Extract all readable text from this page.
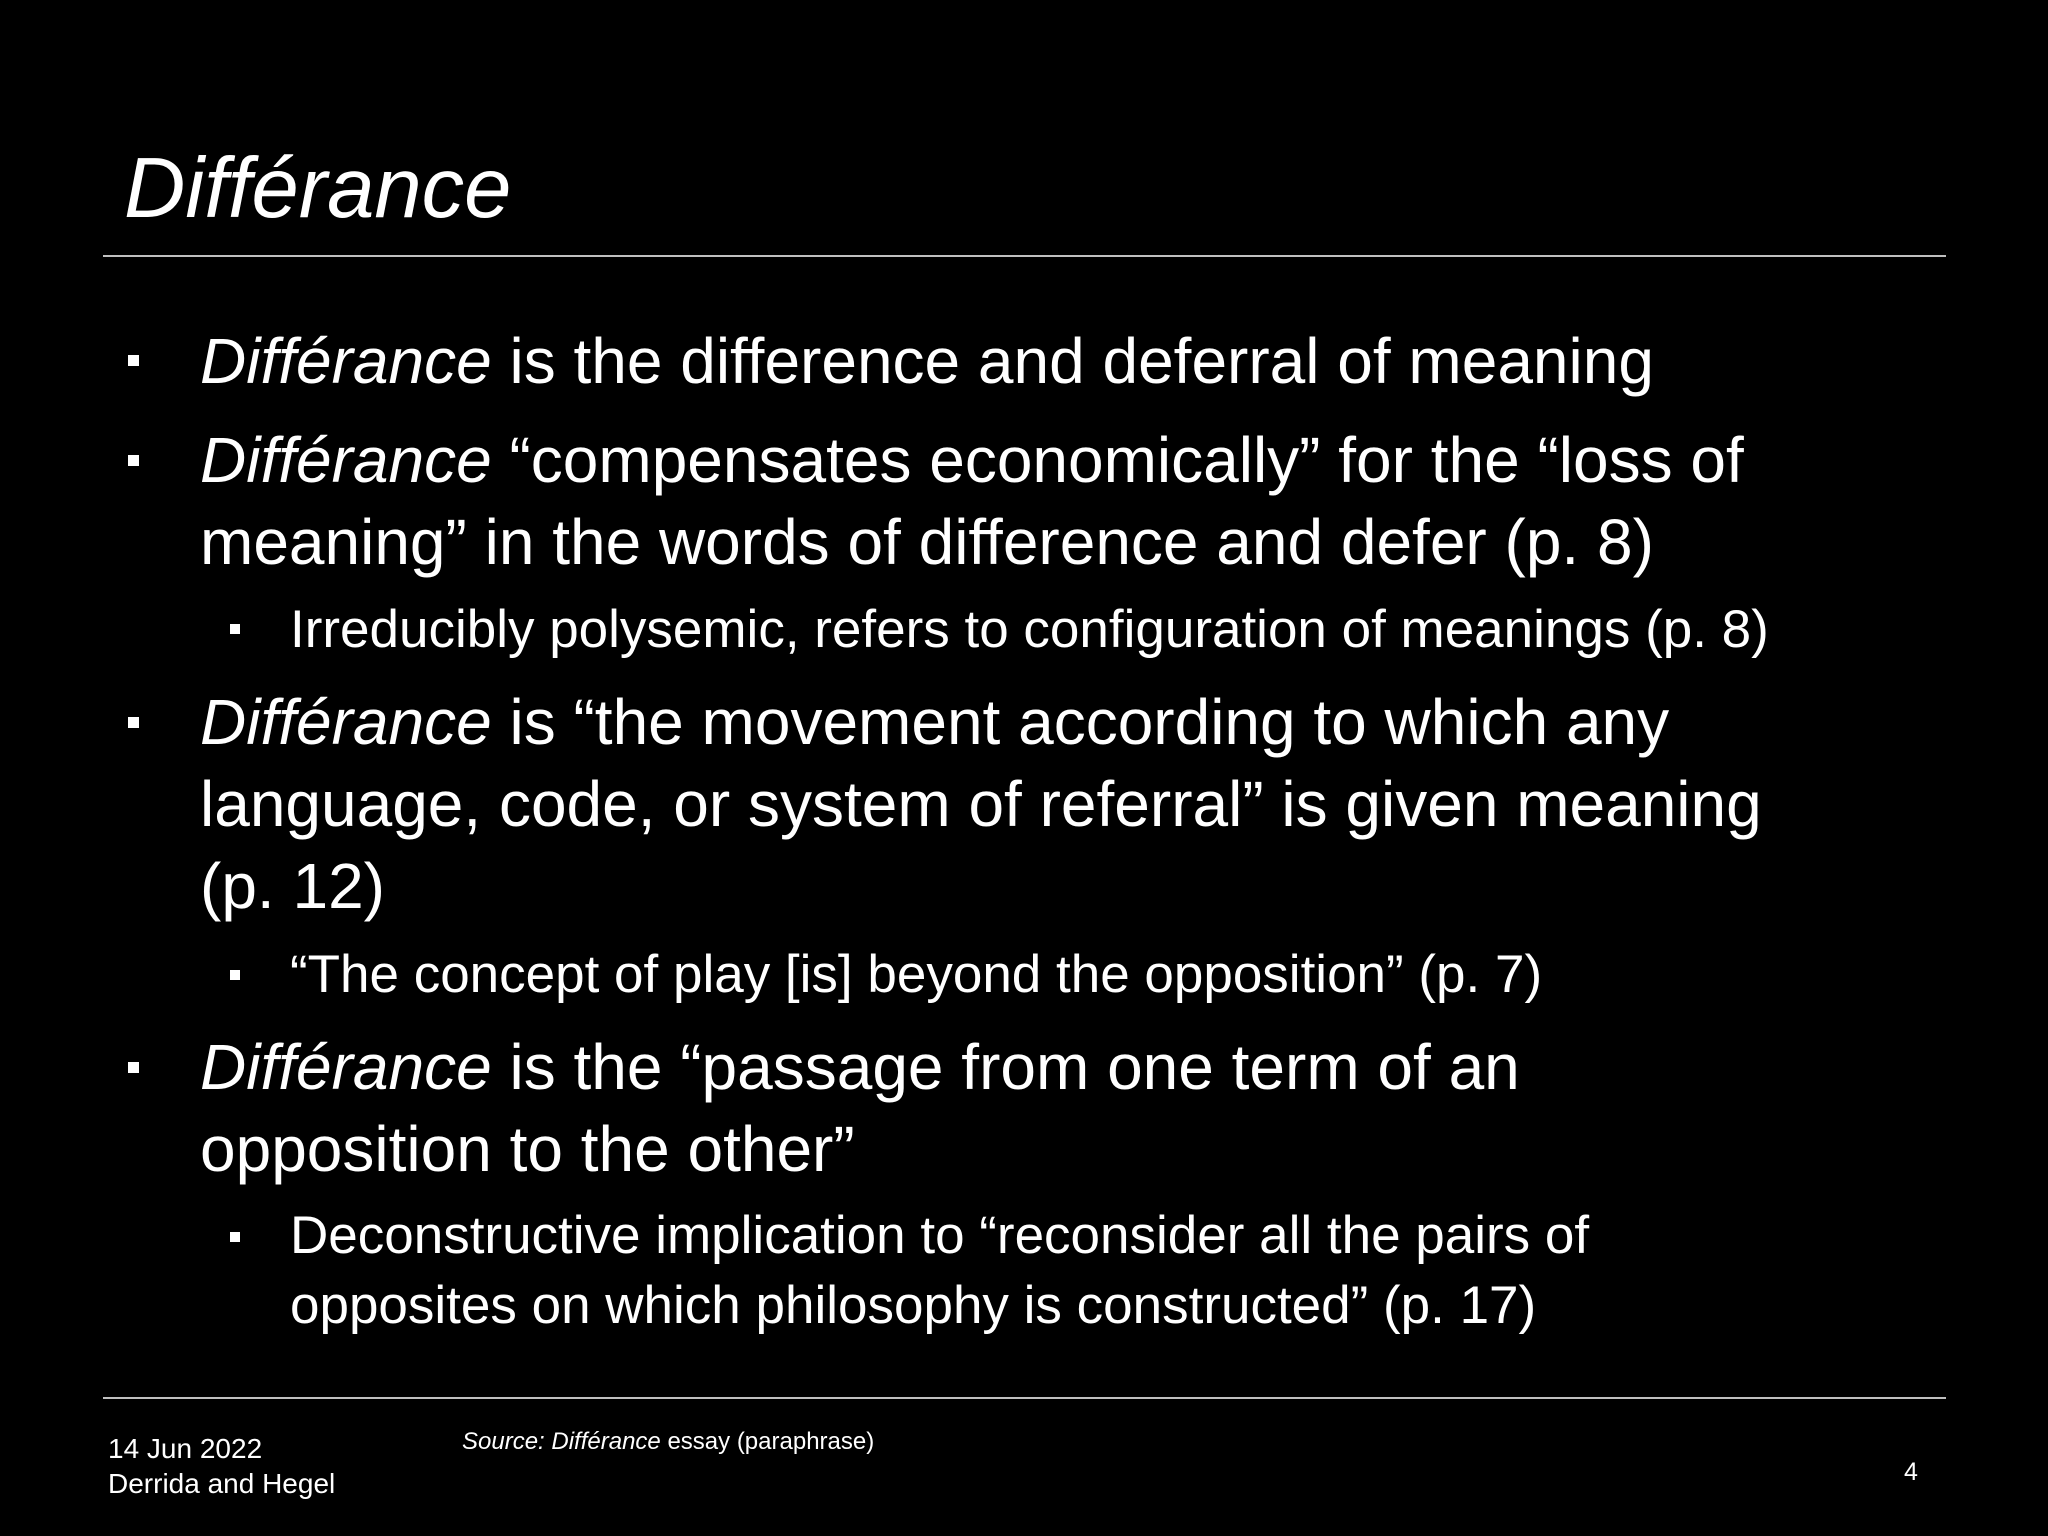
Différance
Différance is the difference and deferral of meaning
Différance “compensates economically” for the “loss of
meaning” in the words of difference and defer (p. 8)
Irreducibly polysemic, refers to configuration of meanings (p. 8)
Différance is “the movement according to which any
language, code, or system of referral” is given meaning
(p. 12)
“The concept of play [is] beyond the opposition” (p. 7)
Différance is the “passage from one term of an
opposition to the other”
Deconstructive implication to “reconsider all the pairs of
opposites on which philosophy is constructed” (p. 17)
14 Jun 2022
Derrida and Hegel
Source: Différance essay (paraphrase)
4
